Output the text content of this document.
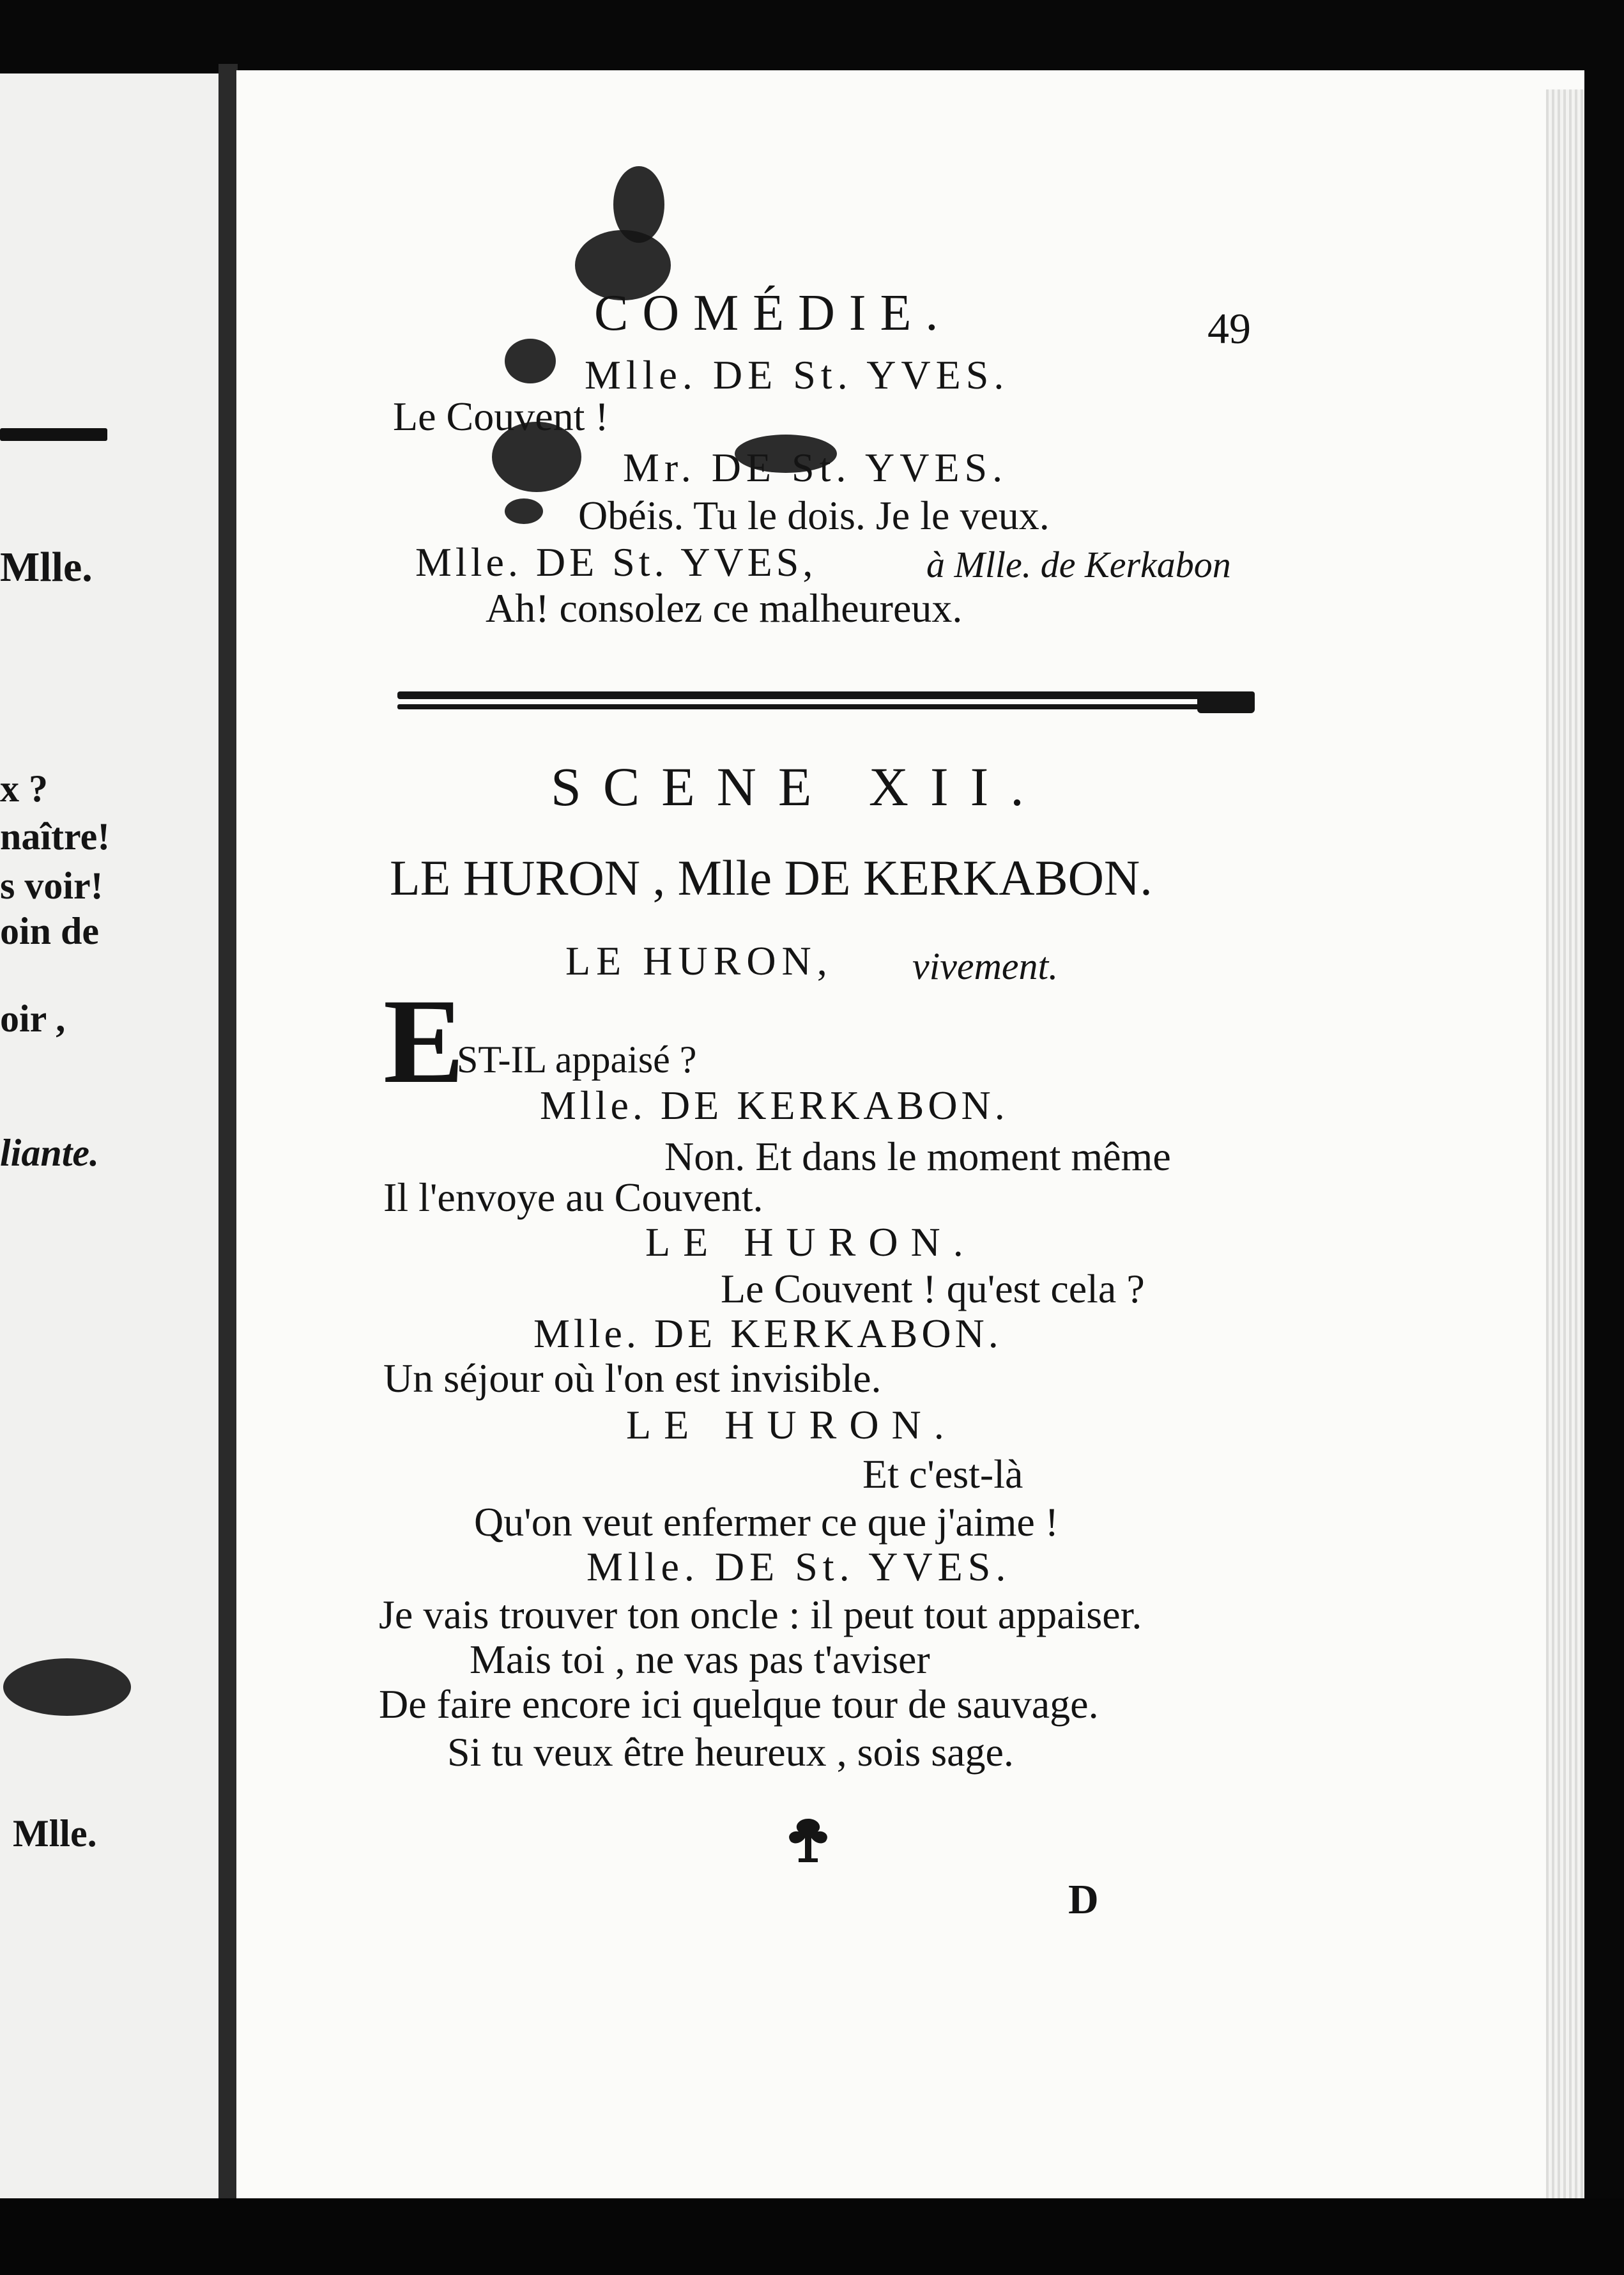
Mlle.
x ?
naître!
s voir!
oin de
oir ,
liante.
Mlle.
COMÉDIE.	49
Mlle. DE St. YVES.
Le Couvent !
Mr. DE St. YVES.
Obéis. Tu le dois. Je le veux.
Mlle. DE St. YVES,	à Mlle. de Kerkabon
Ah! consolez ce malheureux.
SCENE XII.
LE HURON , Mlle DE KERKABON.
LE HURON, vivement.
E
ST-IL appaisé ?
Mlle. DE KERKABON.
Non. Et dans le moment même
Il l'envoye au Couvent.
LE HURON.
Le Couvent ! qu'est cela ?
Mlle. DE KERKABON.
Un séjour où l'on est invisible.
LE HURON.
Et c'est-là
Qu'on veut enfermer ce que j'aime !
Mlle. DE St. YVES.
Je vais trouver ton oncle : il peut tout appaiser.
Mais toi , ne vas pas t'aviser
De faire encore ici quelque tour de sauvage.
Si tu veux être heureux , sois sage.
D
